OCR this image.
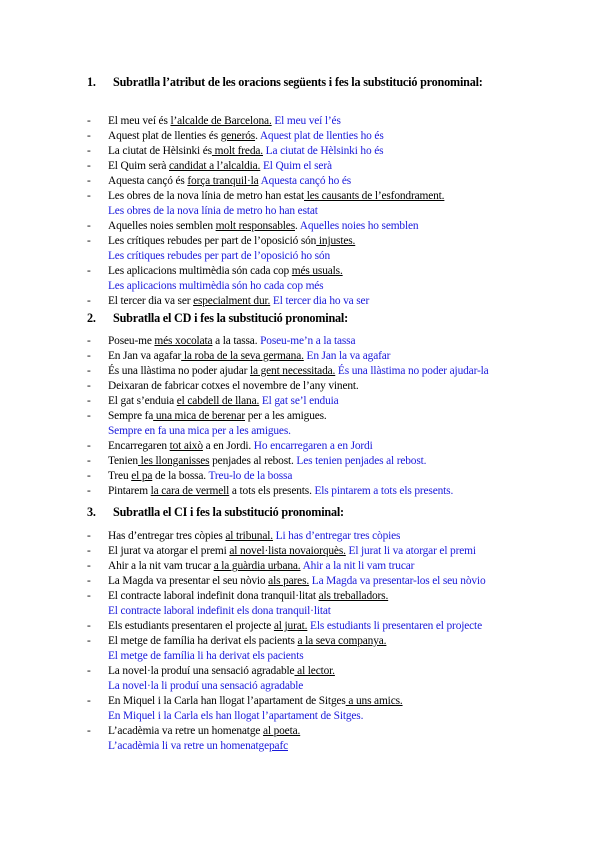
1. Subratlla l’atribut de les oracions següents i fes la substitució pronominal:
- El meu veí és l’alcalde de Barcelona. El meu veí l’és
- Aquest plat de llenties és generós. Aquest plat de llenties ho és
- La ciutat de Hèlsinki és molt freda. La ciutat de Hèlsinki ho és
- El Quim serà candidat a l’alcaldia. El Quim el serà
- Aquesta cançó és força tranquil·la Aquesta cançó ho és
- Les obres de la nova línia de metro han estat les causants de l’esfondrament.
Les obres de la nova línia de metro ho han estat
- Aquelles noies semblen molt responsables. Aquelles noies ho semblen
- Les crítiques rebudes per part de l’oposició són injustes.
Les crítiques rebudes per part de l’oposició ho són
- Les aplicacions multimèdia són cada cop més usuals.
Les aplicacions multimèdia són ho cada cop més
- El tercer dia va ser especialment dur. El tercer dia ho va ser
2. Subratlla el CD i fes la substitució pronominal:
- Poseu-me més xocolata a la tassa. Poseu-me’n a la tassa
- En Jan va agafar la roba de la seva germana. En Jan la va agafar
- És una llàstima no poder ajudar la gent necessitada. És una llàstima no poder ajudar-la
- Deixaran de fabricar cotxes el novembre de l’any vinent.
- El gat s’enduia el cabdell de llana. El gat se’l enduia
- Sempre fa una mica de berenar per a les amigues.
Sempre en fa una mica per a les amigues.
- Encarregaren tot això a en Jordi. Ho encarregaren a en Jordi
- Tenien les llonganisses penjades al rebost. Les tenien penjades al rebost.
- Treu el pa de la bossa. Treu-lo de la bossa
- Pintarem la cara de vermell a tots els presents. Els pintarem a tots els presents.
3. Subratlla el CI i fes la substitució pronominal:
- Has d’entregar tres còpies al tribunal. Li has d’entregar tres còpies
- El jurat va atorgar el premi al novel·lista novaiorquès. El jurat li va atorgar el premi
- Ahir a la nit vam trucar a la guàrdia urbana. Ahir a la nit li vam trucar
- La Magda va presentar el seu nòvio als pares. La Magda va presentar-los el seu nòvio
- El contracte laboral indefinit dona tranquil·litat als treballadors.
El contracte laboral indefinit els dona tranquil·litat
- Els estudiants presentaren el projecte al jurat. Els estudiants li presentaren el projecte
- El metge de família ha derivat els pacients a la seva companya.
El metge de família li ha derivat els pacients
- La novel·la produí una sensació agradable al lector.
La novel·la li produí una sensació agradable
- En Miquel i la Carla han llogat l’apartament de Sitges a uns amics.
En Miquel i la Carla els han llogat l’apartament de Sitges.
- L’acadèmia va retre un homenatge al poeta.
L’acadèmia li va retre un homenatgepafc
